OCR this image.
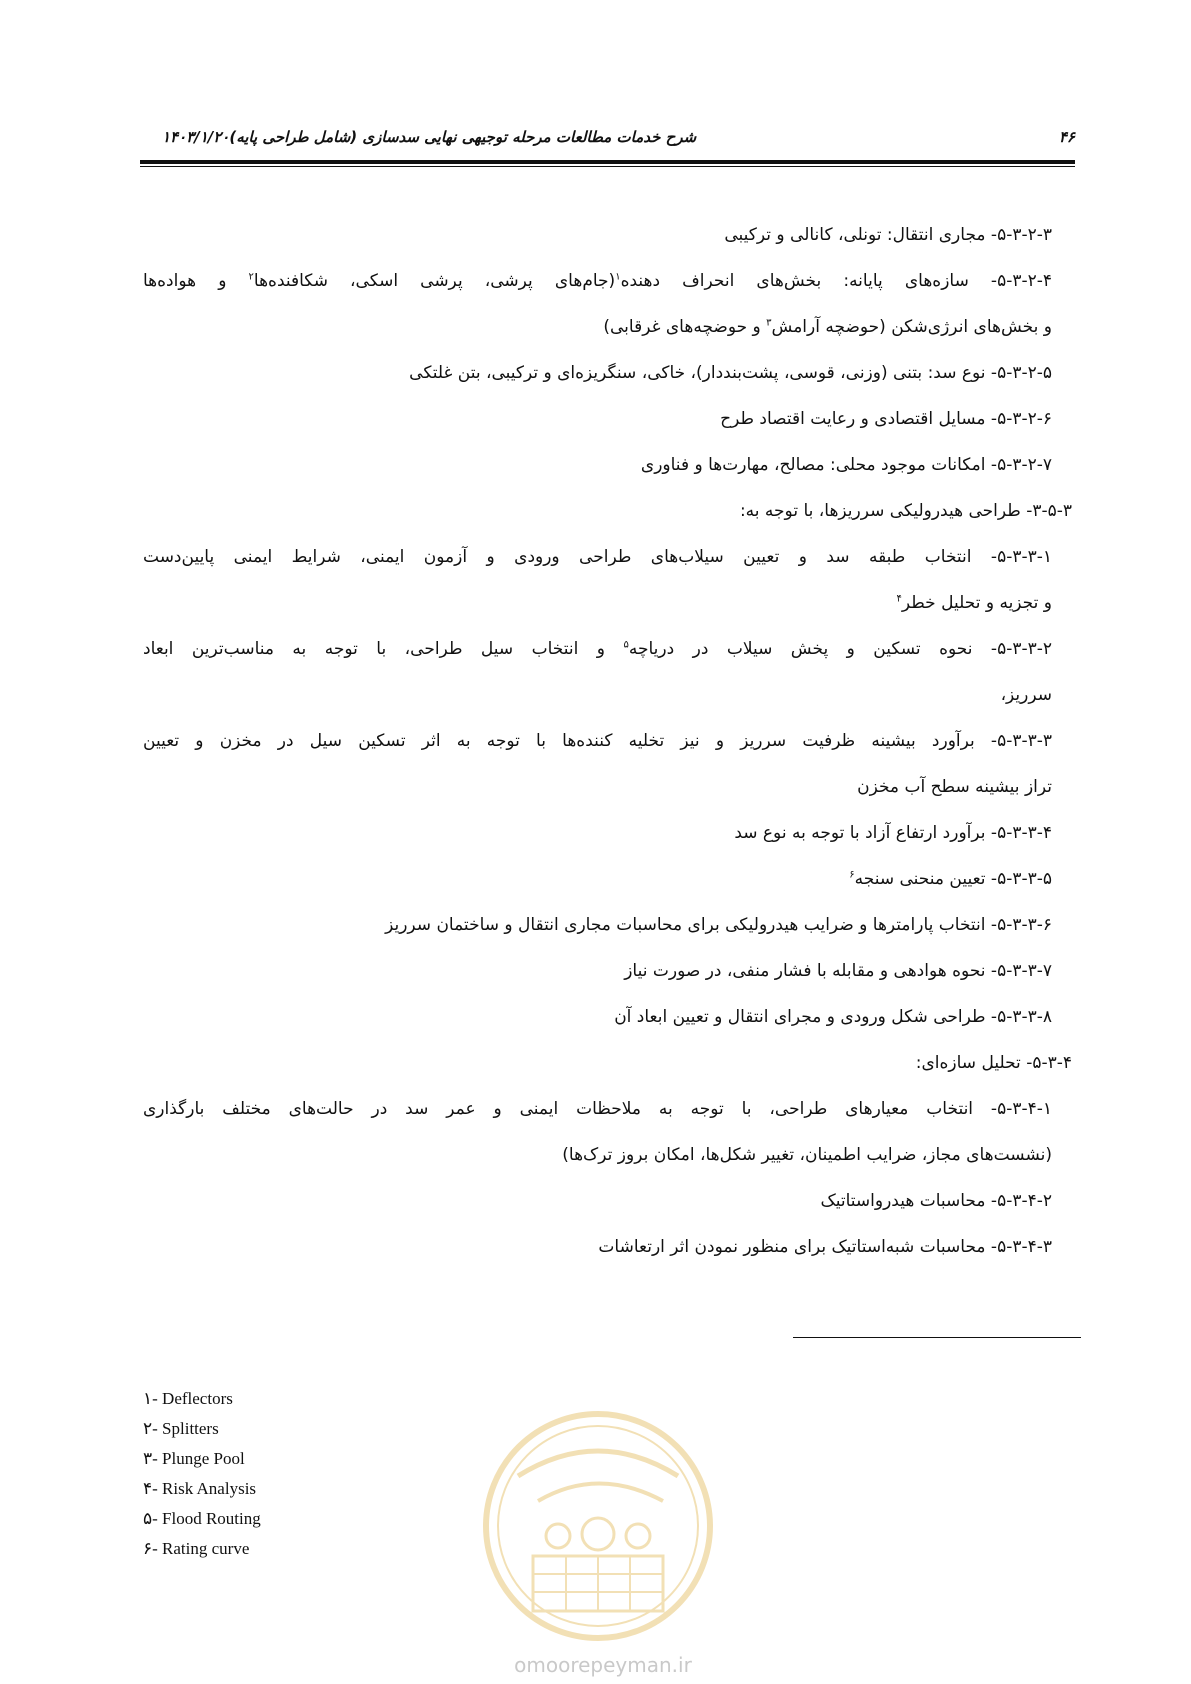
۴۶
شرح خدمات مطالعات مرحله توجیهی نهایی سدسازی (شامل طراحی پایه)۱۴۰۳/۱/۲۰
۵-۳-۲-۳- مجاری انتقال: تونلی، کانالی و ترکیبی
۵-۳-۲-۴- سازه‌های پایانه: بخش‌های انحراف دهنده$^۱$(جام‌های پرشی، پرشی اسکی، شکافنده‌ها$^۲$ و هواده‌ها
و بخش‌های انرژی‌شکن (حوضچه آرامش$^۳$ و حوضچه‌های غرقابی)
۵-۳-۲-۵- نوع سد: بتنی (وزنی، قوسی، پشت‌بنددار)، خاکی، سنگریزه‌ای و ترکیبی، بتن غلتکی
۵-۳-۲-۶- مسایل اقتصادی و رعایت اقتصاد طرح
۵-۳-۲-۷- امکانات موجود محلی: مصالح، مهارت‌ها و فناوری
۳-۵-۳- طراحی هیدرولیکی سرریزها، با توجه به:
۵-۳-۳-۱- انتخاب طبقه سد و تعیین سیلاب‌های طراحی ورودی و آزمون ایمنی، شرایط ایمنی پایین‌دست
و تجزیه و تحلیل خطر$^۴$
۵-۳-۳-۲- نحوه تسکین و پخش سیلاب در دریاچه$^۵$ و انتخاب سیل طراحی، با توجه به مناسب‌ترین ابعاد
سرریز،
۵-۳-۳-۳- برآورد بیشینه ظرفیت سرریز و نیز تخلیه کننده‌ها با توجه به اثر تسکین سیل در مخزن و تعیین
تراز بیشینه سطح آب مخزن
۵-۳-۳-۴- برآورد ارتفاع آزاد با توجه به نوع سد
۵-۳-۳-۵- تعیین منحنی سنجه$^۶$
۵-۳-۳-۶- انتخاب پارامترها و ضرایب هیدرولیکی برای محاسبات مجاری انتقال و ساختمان سرریز
۵-۳-۳-۷- نحوه هوادهی و مقابله با فشار منفی، در صورت نیاز
۵-۳-۳-۸- طراحی شکل ورودی و مجرای انتقال و تعیین ابعاد آن
۵-۳-۴- تحلیل سازه‌ای:
۵-۳-۴-۱- انتخاب معیارهای طراحی، با توجه به ملاحظات ایمنی و عمر سد در حالت‌های مختلف بارگذاری
(نشست‌های مجاز، ضرایب اطمینان، تغییر شکل‌ها، امکان بروز ترک‌ها)
۵-۳-۴-۲- محاسبات هیدرواستاتیک
۵-۳-۴-۳- محاسبات شبه‌استاتیک برای منظور نمودن اثر ارتعاشات
۱- Deflectors
۲- Splitters
۳- Plunge Pool
۴- Risk Analysis
۵- Flood Routing
۶- Rating curve
omoorepeyman.ir
